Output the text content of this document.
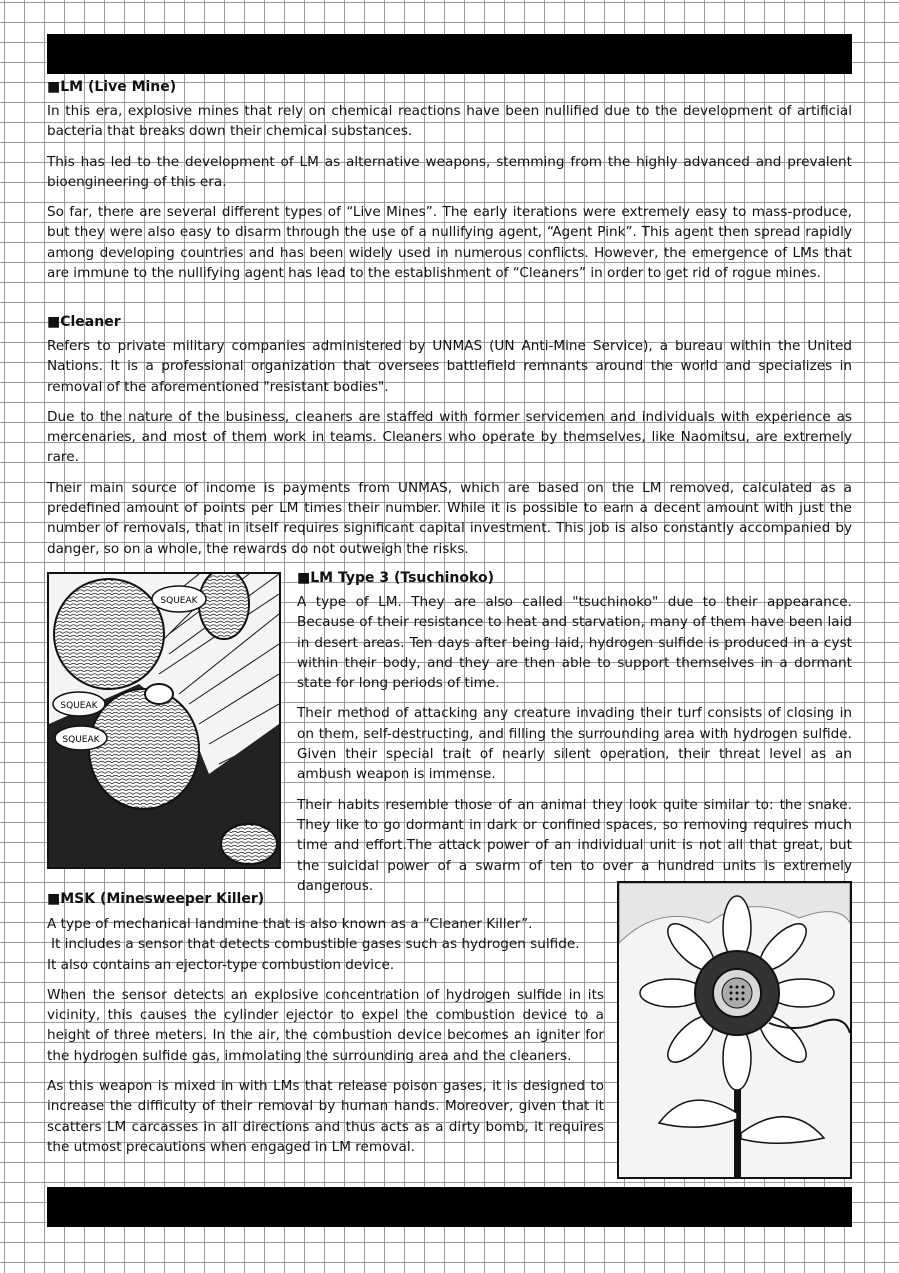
■LM (Live Mine)

In this era, explosive mines that rely on chemical reactions have been nullified due to the development of artificial bacteria that breaks down their chemical substances.

This has led to the development of LM as alternative weapons, stemming from the highly advanced and prevalent bioengineering of this era.

So far, there are several different types of “Live Mines”. The early iterations were extremely easy to mass-produce, but they were also easy to disarm through the use of a nullifying agent, “Agent Pink”. This agent then spread rapidly among developing countries and has been widely used in numerous conflicts. However, the emergence of LMs that are immune to the nullifying agent has lead to the establishment of “Cleaners” in order to get rid of rogue mines.

■Cleaner

Refers to private military companies administered by UNMAS (UN Anti-Mine Service), a bureau within the United Nations. It is a professional organization that oversees battlefield remnants around the world and specializes in removal of the aforementioned "resistant bodies".

Due to the nature of the business, cleaners are staffed with former servicemen and individuals with experience as mercenaries, and most of them work in teams. Cleaners who operate by themselves, like Naomitsu, are extremely rare.

Their main source of income is payments from UNMAS, which are based on the LM removed, calculated as a predefined amount of points per LM times their number. While it is possible to earn a decent amount with just the number of removals, that in itself requires significant capital investment. This job is also constantly accompanied by danger, so on a whole, the rewards do not outweigh the risks.

SQUEAK
SQUEAK
SQUEAK
■LM Type 3 (Tsuchinoko)

A type of LM. They are also called "tsuchinoko" due to their appearance. Because of their resistance to heat and starvation, many of them have been laid in desert areas. Ten days after being laid, hydrogen sulfide is produced in a cyst within their body, and they are then able to support themselves in a dormant state for long periods of time.

Their method of attacking any creature invading their turf consists of closing in on them, self-destructing, and filling the surrounding area with hydrogen sulfide. Given their special trait of nearly silent operation, their threat level as an ambush weapon is immense.

Their habits resemble those of an animal they look quite similar to: the snake. They like to go dormant in dark or confined spaces, so removing requires much time and effort.The attack power of an individual unit is not all that great, but the suicidal power of a swarm of ten to over a hundred units is extremely dangerous.

■MSK (Minesweeper Killer)

A type of mechanical landmine that is also known as a “Cleaner Killer”.
It includes a sensor that detects combustible gases such as hydrogen sulfide.
It also contains an ejector-type combustion device.

When the sensor detects an explosive concentration of hydrogen sulfide in its vicinity, this causes the cylinder ejector to expel the combustion device to a height of three meters. In the air, the combustion device becomes an igniter for the hydrogen sulfide gas, immolating the surrounding area and the cleaners.

As this weapon is mixed in with LMs that release poison gases, it is designed to increase the difficulty of their removal by human hands. Moreover, given that it scatters LM carcasses in all directions and thus acts as a dirty bomb, it requires the utmost precautions when engaged in LM removal.
